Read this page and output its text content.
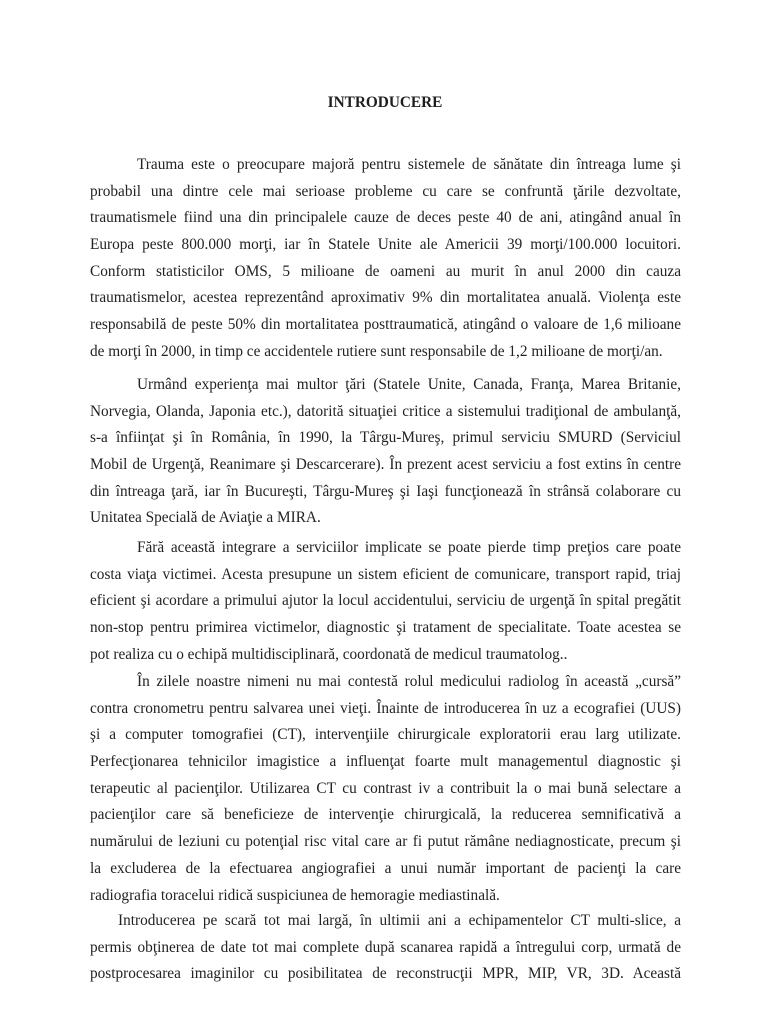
INTRODUCERE
Trauma este o preocupare majoră pentru sistemele de sănătate din întreaga lume şi
probabil una dintre cele mai serioase probleme cu care se confruntă ţările dezvoltate,
traumatismele fiind una din principalele cauze de deces peste 40 de ani, atingând anual în
Europa peste 800.000 morţi, iar în Statele Unite ale Americii 39 morţi/100.000 locuitori.
Conform statisticilor OMS, 5 milioane de oameni au murit în anul 2000 din cauza
traumatismelor, acestea reprezentând aproximativ 9% din mortalitatea anuală. Violenţa este
responsabilă de peste 50% din mortalitatea posttraumatică, atingând o valoare de 1,6 milioane
de morţi în 2000, in timp ce accidentele rutiere sunt responsabile de 1,2 milioane de morţi/an.
Urmând experienţa mai multor ţări (Statele Unite, Canada, Franţa, Marea Britanie,
Norvegia, Olanda, Japonia etc.), datorită situaţiei critice a sistemului tradiţional de ambulanţă,
s-a înfiinţat şi în România, în 1990, la Târgu-Mureş, primul serviciu SMURD (Serviciul
Mobil de Urgenţă, Reanimare şi Descarcerare). În prezent acest serviciu a fost extins în centre
din întreaga ţară, iar în Bucureşti, Târgu-Mureş şi Iaşi funcţionează în strânsă colaborare cu
Unitatea Specială de Aviaţie a MIRA.
Fără această integrare a serviciilor implicate se poate pierde timp preţios care poate
costa viaţa victimei. Acesta presupune un sistem eficient de comunicare, transport rapid, triaj
eficient şi acordare a primului ajutor la locul accidentului, serviciu de urgenţă în spital pregătit
non-stop pentru primirea victimelor, diagnostic şi tratament de specialitate. Toate acestea se
pot realiza cu o echipă multidisciplinară, coordonată de medicul traumatolog..
În zilele noastre nimeni nu mai contestă rolul medicului radiolog în această „cursă”
contra cronometru pentru salvarea unei vieţi. Înainte de introducerea în uz a ecografiei (UUS)
şi a computer tomografiei (CT), intervenţiile chirurgicale exploratorii erau larg utilizate.
Perfecţionarea tehnicilor imagistice a influenţat foarte mult managementul diagnostic şi
terapeutic al pacienţilor. Utilizarea CT cu contrast iv a contribuit la o mai bună selectare a
pacienţilor care să beneficieze de intervenţie chirurgicală, la reducerea semnificativă a
numărului de leziuni cu potenţial risc vital care ar fi putut rămâne nediagnosticate, precum şi
la excluderea de la efectuarea angiografiei a unui număr important de pacienţi la care
radiografia toracelui ridică suspiciunea de hemoragie mediastinală.
Introducerea pe scară tot mai largă, în ultimii ani a echipamentelor CT multi-slice, a
permis obţinerea de date tot mai complete după scanarea rapidă a întregului corp, urmată de
postprocesarea imaginilor cu posibilitatea de reconstrucţii MPR, MIP, VR, 3D. Această
